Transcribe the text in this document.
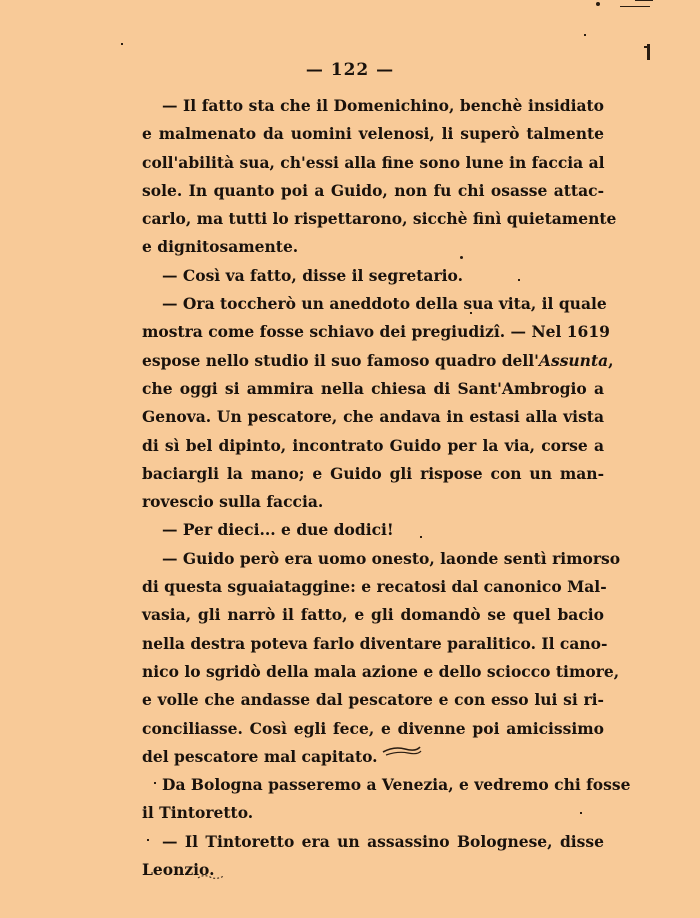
— 122 —
— Il fatto sta che il Domenichino, benchè insidiato
e malmenato da uomini velenosi, li superò talmente
coll'abilità sua, ch'essi alla fine sono lune in faccia al
sole. In quanto poi a Guido, non fu chi osasse attac-
carlo, ma tutti lo rispettarono, sicchè finì quietamente
e dignitosamente.
— Così va fatto, disse il segretario.
— Ora toccherò un aneddoto della sua vita, il quale
mostra come fosse schiavo dei pregiudizî. — Nel 1619
espose nello studio il suo famoso quadro dell'Assunta,
che oggi si ammira nella chiesa di Sant'Ambrogio a
Genova. Un pescatore, che andava in estasi alla vista
di sì bel dipinto, incontrato Guido per la via, corse a
baciargli la mano; e Guido gli rispose con un man-
rovescio sulla faccia.
— Per dieci... e due dodici!
— Guido però era uomo onesto, laonde sentì rimorso
di questa sguaiataggine: e recatosi dal canonico Mal-
vasia, gli narrò il fatto, e gli domandò se quel bacio
nella destra poteva farlo diventare paralitico. Il cano-
nico lo sgridò della mala azione e dello sciocco timore,
e volle che andasse dal pescatore e con esso lui si ri-
conciliasse. Così egli fece, e divenne poi amicissimo
del pescatore mal capitato.
Da Bologna passeremo a Venezia, e vedremo chi fosse
il Tintoretto.
— Il Tintoretto era un assassino Bolognese, disse
Leonzio.
